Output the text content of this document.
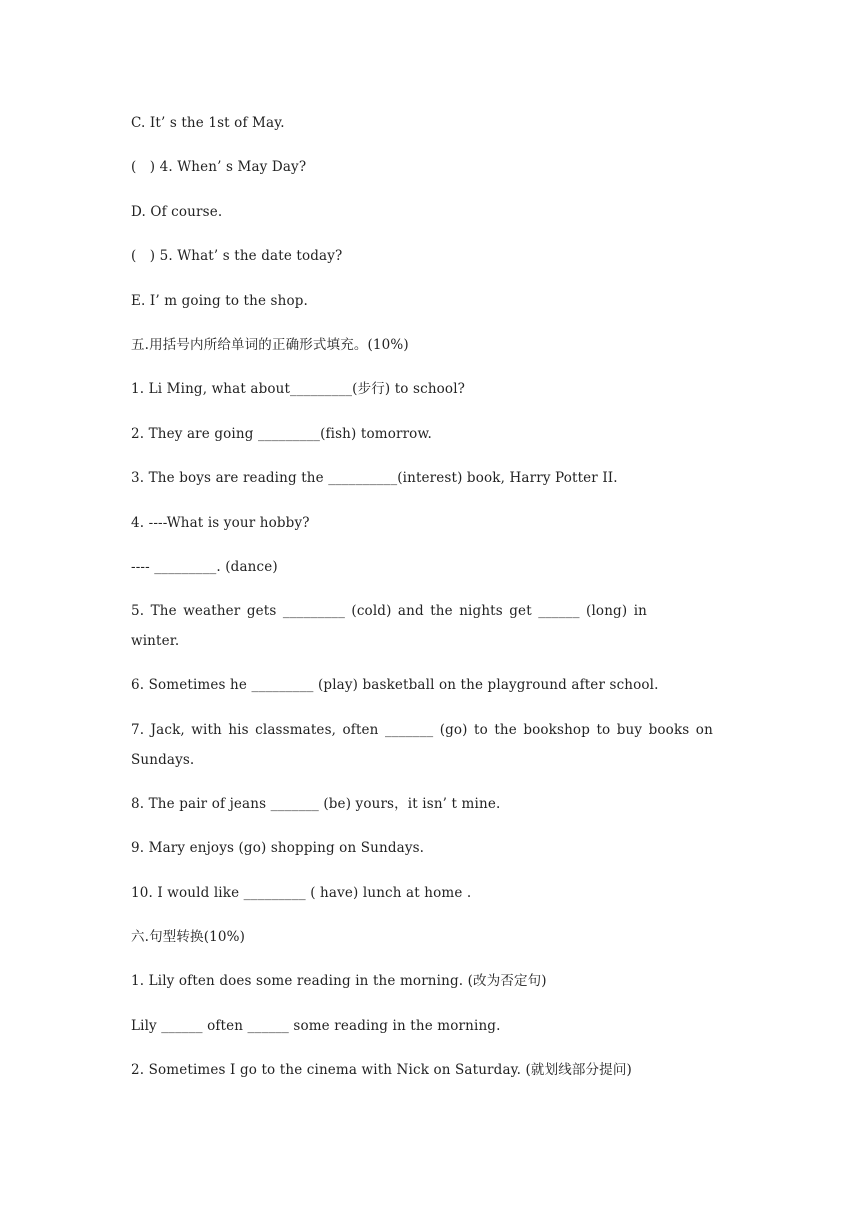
C. It’ s the 1st of May.
(   ) 4. When’ s May Day?
D. Of course.
(   ) 5. What’ s the date today?
E. I’ m going to the shop.
五.用括号内所给单词的正确形式填充。(10%)
1. Li Ming, what about_________(步行) to school?
2. They are going _________(fish) tomorrow.
3. The boys are reading the __________(interest) book, Harry Potter II.
4. ----What is your hobby?
---- _________. (dance)
5. The weather gets _________ (cold) and the nights get ______ (long) in winter.
6. Sometimes he _________ (play) basketball on the playground after school.
7. Jack, with his classmates, often _______ (go) to the bookshop to buy books on Sundays.
8. The pair of jeans _______ (be) yours，it isn’ t mine.
9. Mary enjoys (go) shopping on Sundays.
10. I would like _________ ( have) lunch at home .
六.句型转换(10%)
1. Lily often does some reading in the morning. (改为否定句)
Lily ______ often ______ some reading in the morning.
2. Sometimes I go to the cinema with Nick on Saturday. (就划线部分提问)
